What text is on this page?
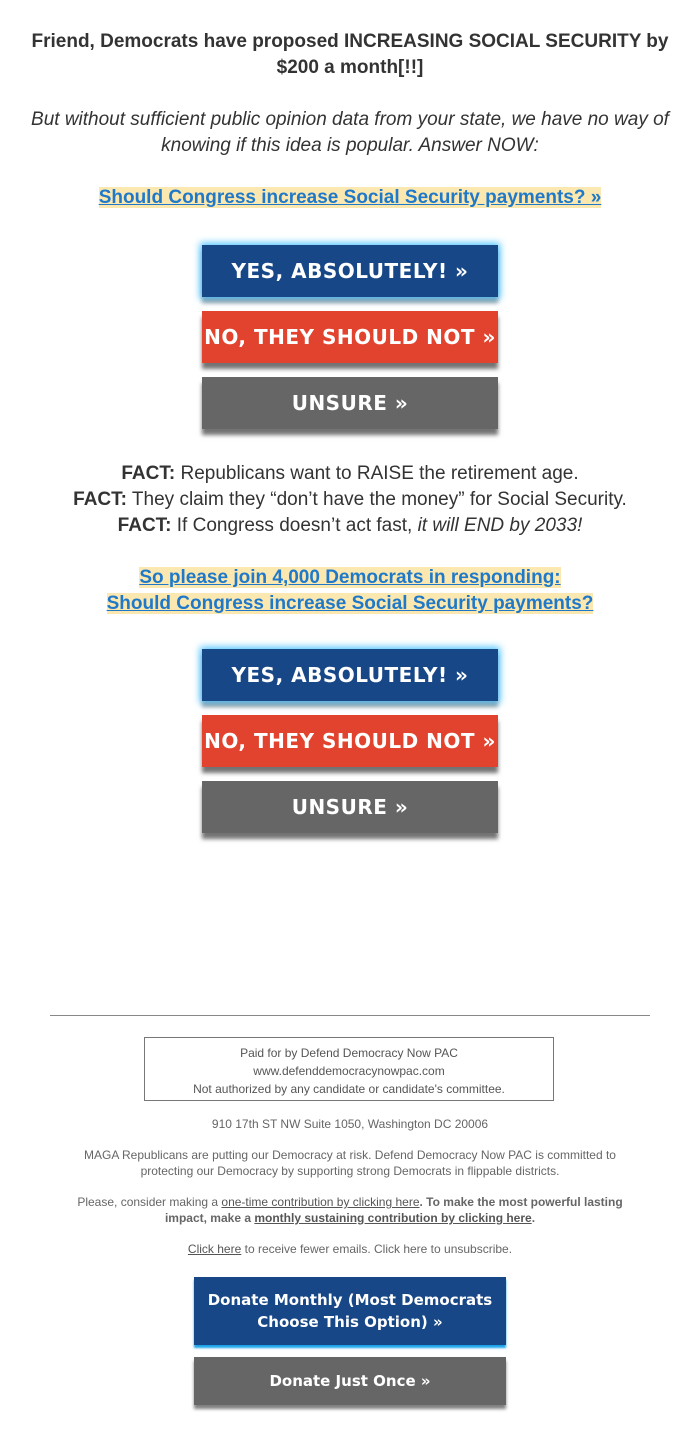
Friend, Democrats have proposed INCREASING SOCIAL SECURITY by $200 a month[!!]
But without sufficient public opinion data from your state, we have no way of knowing if this idea is popular. Answer NOW:
Should Congress increase Social Security payments? »
YES, ABSOLUTELY! »
NO, THEY SHOULD NOT »
UNSURE »
FACT: Republicans want to RAISE the retirement age.
FACT: They claim they “don’t have the money” for Social Security.
FACT: If Congress doesn’t act fast, it will END by 2033!
So please join 4,000 Democrats in responding:
Should Congress increase Social Security payments?
YES, ABSOLUTELY! »
NO, THEY SHOULD NOT »
UNSURE »
Paid for by Defend Democracy Now PAC
www.defenddemocracynowpac.com
Not authorized by any candidate or candidate's committee.
910 17th ST NW Suite 1050, Washington DC 20006
MAGA Republicans are putting our Democracy at risk. Defend Democracy Now PAC is committed to protecting our Democracy by supporting strong Democrats in flippable districts.
Please, consider making a one-time contribution by clicking here. To make the most powerful lasting impact, make a monthly sustaining contribution by clicking here.
Click here to receive fewer emails. Click here to unsubscribe.
Donate Monthly (Most Democrats Choose This Option) »
Donate Just Once »
